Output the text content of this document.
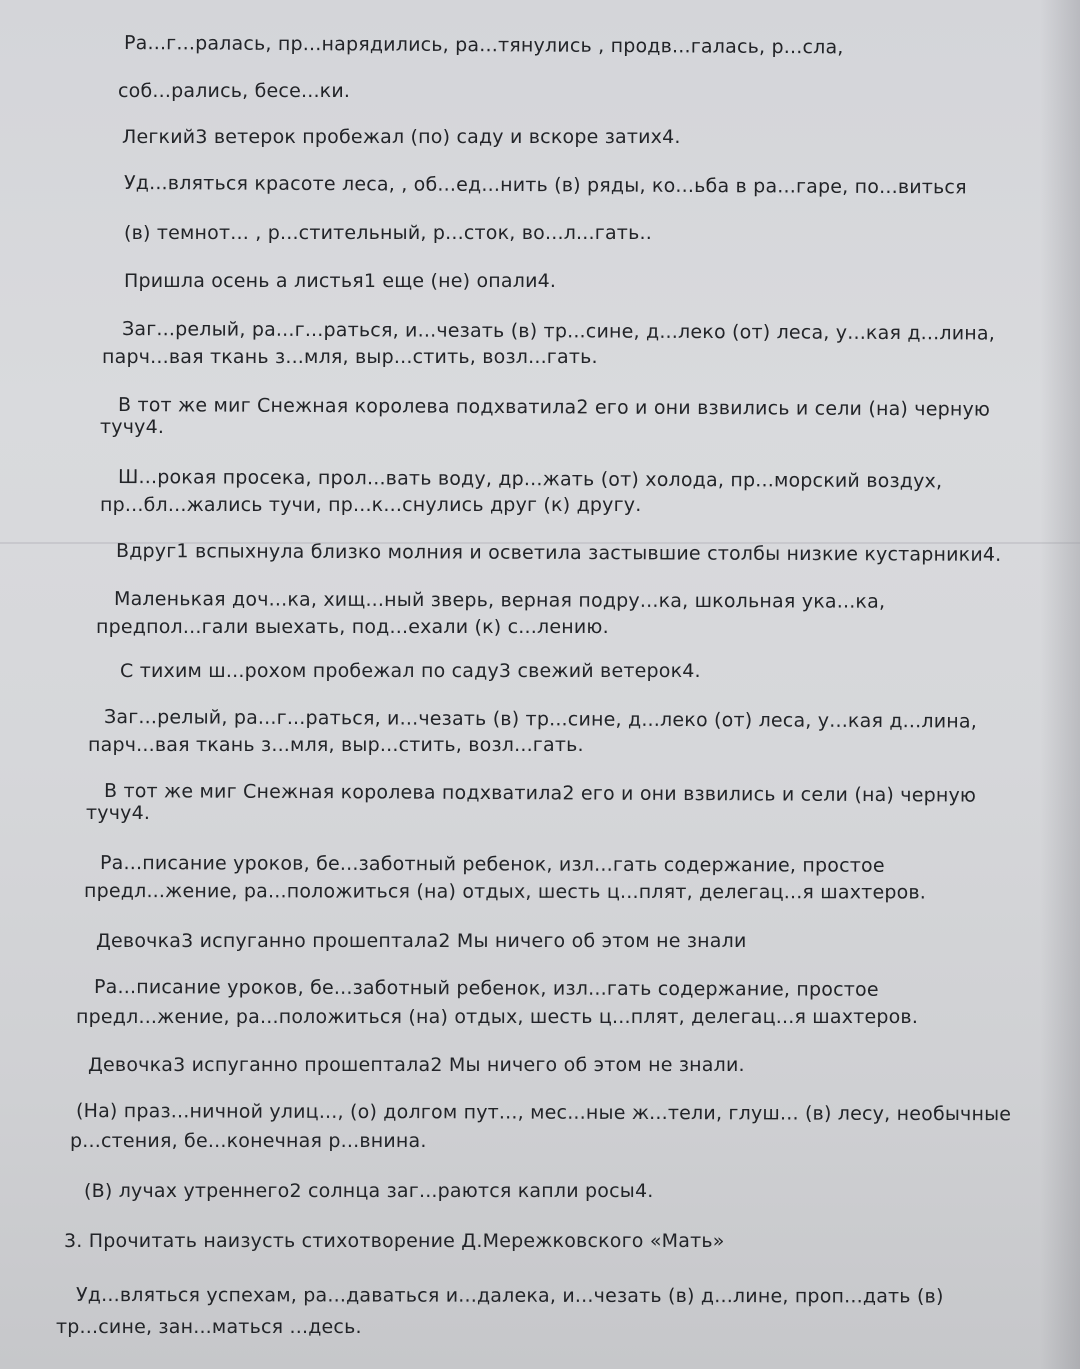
Ра...г...ралась, пр...нарядились, ра...тянулись , продв...галась, р...сла,
соб...рались, бесе...ки.
Легкий3 ветерок пробежал (по) саду и вскоре затих4.
Уд...вляться красоте леса, , об...ед...нить (в) ряды, ко...ьба в ра...гаре, по...виться
(в) темнот... , р...стительный, р...сток, во...л...гать..
Пришла осень а листья1 еще (не) опали4.
Заг...релый, ра...г...раться, и...чезать (в) тр...сине, д...леко (от) леса, у...кая д...лина,
парч...вая ткань з...мля, выр...стить, возл...гать.
В тот же миг Снежная королева подхватила2 его и они взвились и сели (на) черную
тучу4.
Ш...рокая просека, прол...вать воду, др...жать (от) холода, пр...морский воздух,
пр...бл...жались тучи, пр...к...снулись друг (к) другу.
Вдруг1 вспыхнула близко молния и осветила застывшие столбы низкие кустарники4.
Маленькая доч...ка, хищ...ный зверь, верная подру...ка, школьная ука...ка,
предпол...гали выехать, под...ехали (к) с...лению.
С тихим ш...рохом пробежал по саду3 свежий ветерок4.
Заг...релый, ра...г...раться, и...чезать (в) тр...сине, д...леко (от) леса, у...кая д...лина,
парч...вая ткань з...мля, выр...стить, возл...гать.
В тот же миг Снежная королева подхватила2 его и они взвились и сели (на) черную
тучу4.
Ра...писание уроков, бе...заботный ребенок, изл...гать содержание, простое
предл...жение, ра...положиться (на) отдых, шесть ц...плят, делегац...я шахтеров.
Девочка3 испуганно прошептала2 Мы ничего об этом не знали
Ра...писание уроков, бе...заботный ребенок, изл...гать содержание, простое
предл...жение, ра...положиться (на) отдых, шесть ц...плят, делегац...я шахтеров.
Девочка3 испуганно прошептала2 Мы ничего об этом не знали.
(На) праз...ничной улиц..., (о) долгом пут..., мес...ные ж...тели, глуш... (в) лесу, необычные
р...стения, бе...конечная р...внина.
(В) лучах утреннего2 солнца заг...раются капли росы4.
3. Прочитать наизусть стихотворение Д.Мережковского «Мать»
Уд...вляться успехам, ра...даваться и...далека, и...чезать (в) д...лине, проп...дать (в)
тр...сине, зан...маться ...десь.
